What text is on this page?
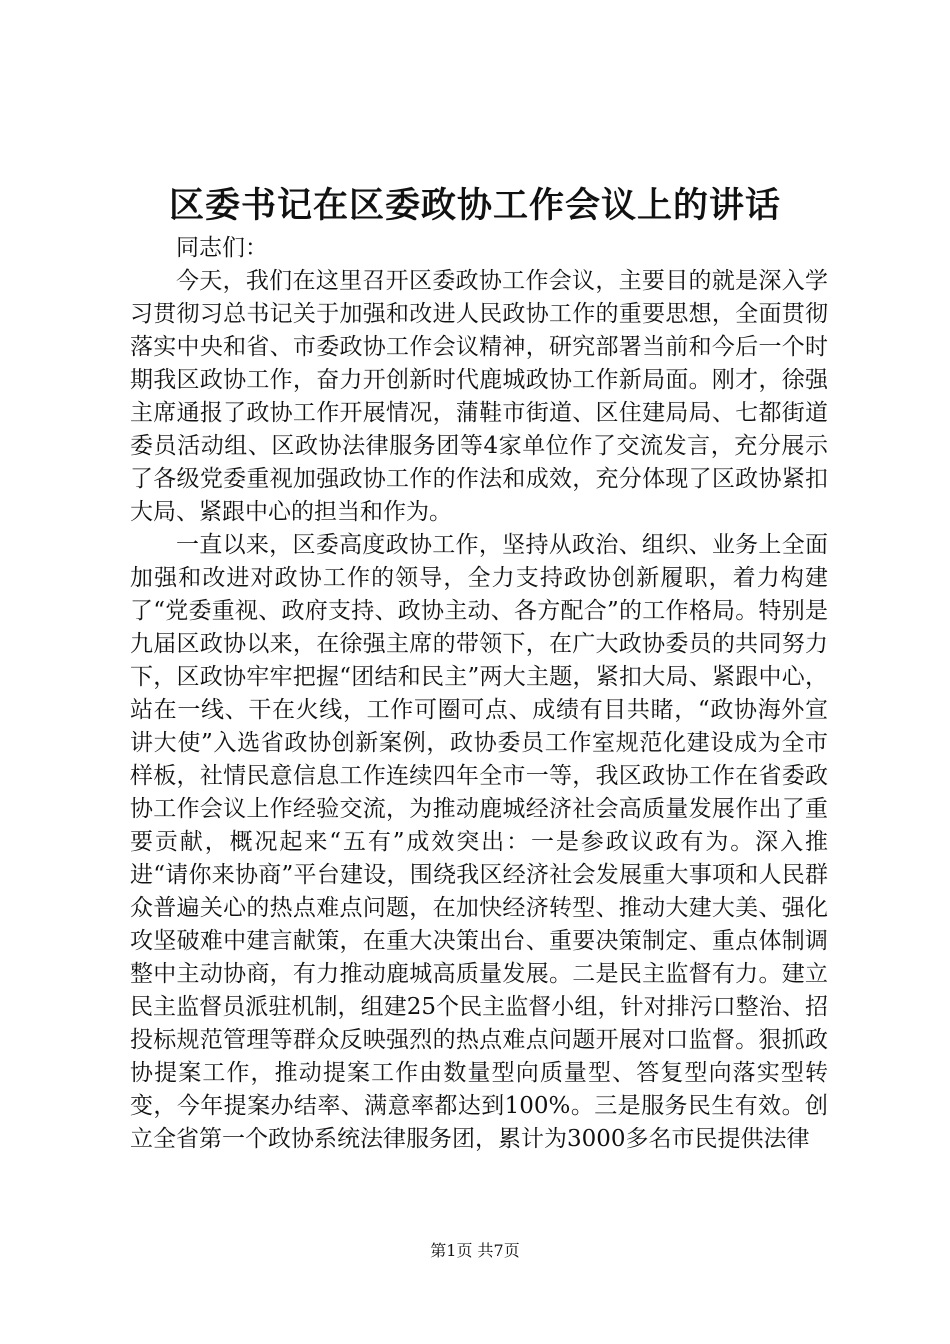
区委书记在区委政协工作会议上的讲话

同志们：

今天，我们在这里召开区委政协工作会议，主要目的就是深入学习贯彻习总书记关于加强和改进人民政协工作的重要思想，全面贯彻落实中央和省、市委政协工作会议精神，研究部署当前和今后一个时期我区政协工作，奋力开创新时代鹿城政协工作新局面。刚才，徐强主席通报了政协工作开展情况，蒲鞋市街道、区住建局局、七都街道委员活动组、区政协法律服务团等4家单位作了交流发言，充分展示了各级党委重视加强政协工作的作法和成效，充分体现了区政协紧扣大局、紧跟中心的担当和作为。

一直以来，区委高度政协工作，坚持从政治、组织、业务上全面加强和改进对政协工作的领导，全力支持政协创新履职，着力构建了“党委重视、政府支持、政协主动、各方配合”的工作格局。特别是九届区政协以来，在徐强主席的带领下，在广大政协委员的共同努力下，区政协牢牢把握“团结和民主”两大主题，紧扣大局、紧跟中心，站在一线、干在火线，工作可圈可点、成绩有目共睹，“政协海外宣讲大使”入选省政协创新案例，政协委员工作室规范化建设成为全市样板，社情民意信息工作连续四年全市一等，我区政协工作在省委政协工作会议上作经验交流，为推动鹿城经济社会高质量发展作出了重要贡献，概况起来“五有”成效突出：一是参政议政有为。深入推进“请你来协商”平台建设，围绕我区经济社会发展重大事项和人民群众普遍关心的热点难点问题，在加快经济转型、推动大建大美、强化攻坚破难中建言献策，在重大决策出台、重要决策制定、重点体制调整中主动协商，有力推动鹿城高质量发展。二是民主监督有力。建立民主监督员派驻机制，组建25个民主监督小组，针对排污口整治、招投标规范管理等群众反映强烈的热点难点问题开展对口监督。狠抓政协提案工作，推动提案工作由数量型向质量型、答复型向落实型转变，今年提案办结率、满意率都达到100%。三是服务民生有效。创立全省第一个政协系统法律服务团，累计为3000多名市民提供法律

第1页 共7页
